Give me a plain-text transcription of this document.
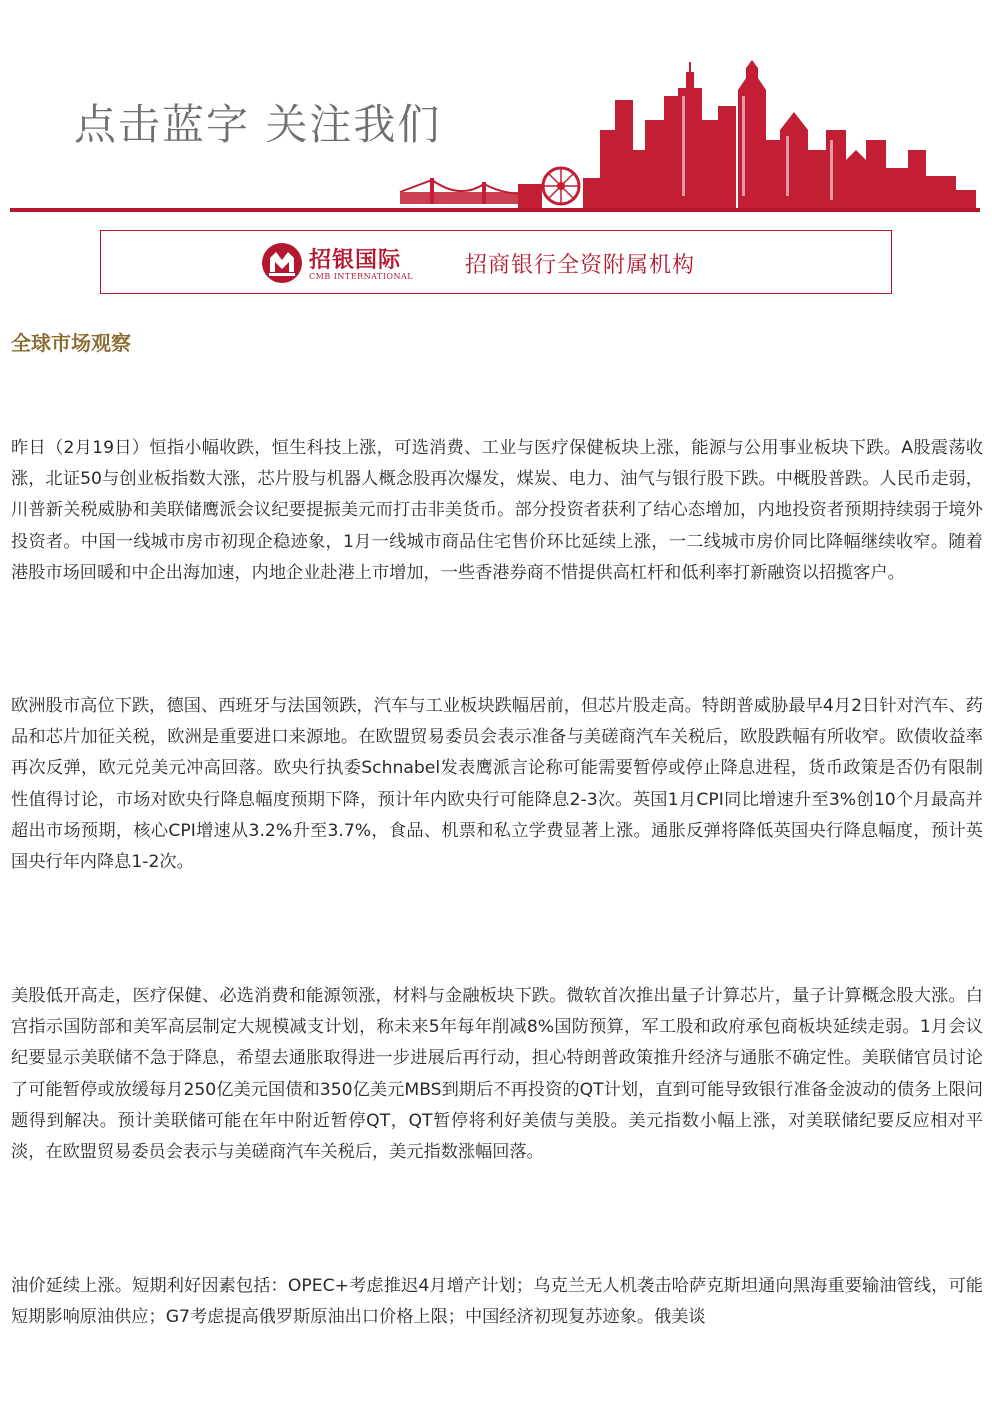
点击蓝字 关注我们
招银国际
CMB INTERNATIONAL 招商银行全资附属机构
全球市场观察

昨日（2月19日）恒指小幅收跌，恒生科技上涨，可选消费、工业与医疗保健板块上涨，能源与公用事业板块下跌。A股震荡收涨，北证50与创业板指数大涨，芯片股与机器人概念股再次爆发，煤炭、电力、油气与银行股下跌。中概股普跌。人民币走弱，川普新关税威胁和美联储鹰派会议纪要提振美元而打击非美货币。部分投资者获利了结心态增加，内地投资者预期持续弱于境外投资者。中国一线城市房市初现企稳迹象，1月一线城市商品住宅售价环比延续上涨，一二线城市房价同比降幅继续收窄。随着港股市场回暖和中企出海加速，内地企业赴港上市增加，一些香港券商不惜提供高杠杆和低利率打新融资以招揽客户。

欧洲股市高位下跌，德国、西班牙与法国领跌，汽车与工业板块跌幅居前，但芯片股走高。特朗普威胁最早4月2日针对汽车、药品和芯片加征关税，欧洲是重要进口来源地。在欧盟贸易委员会表示准备与美磋商汽车关税后，欧股跌幅有所收窄。欧债收益率再次反弹，欧元兑美元冲高回落。欧央行执委Schnabel发表鹰派言论称可能需要暂停或停止降息进程，货币政策是否仍有限制性值得讨论，市场对欧央行降息幅度预期下降，预计年内欧央行可能降息2-3次。英国1月CPI同比增速升至3%创10个月最高并超出市场预期，核心CPI增速从3.2%升至3.7%，食品、机票和私立学费显著上涨。通胀反弹将降低英国央行降息幅度，预计英国央行年内降息1-2次。

美股低开高走，医疗保健、必选消费和能源领涨，材料与金融板块下跌。微软首次推出量子计算芯片，量子计算概念股大涨。白宫指示国防部和美军高层制定大规模减支计划，称未来5年每年削减8%国防预算，军工股和政府承包商板块延续走弱。1月会议纪要显示美联储不急于降息，希望去通胀取得进一步进展后再行动，担心特朗普政策推升经济与通胀不确定性。美联储官员讨论了可能暂停或放缓每月250亿美元国债和350亿美元MBS到期后不再投资的QT计划，直到可能导致银行准备金波动的债务上限问题得到解决。预计美联储可能在年中附近暂停QT，QT暂停将利好美债与美股。美元指数小幅上涨，对美联储纪要反应相对平淡，在欧盟贸易委员会表示与美磋商汽车关税后，美元指数涨幅回落。

油价延续上涨。短期利好因素包括：OPEC+考虑推迟4月增产计划；乌克兰无人机袭击哈萨克斯坦通向黑海重要输油管线，可能短期影响原油供应；G7考虑提高俄罗斯原油出口价格上限；中国经济初现复苏迹象。俄美谈
